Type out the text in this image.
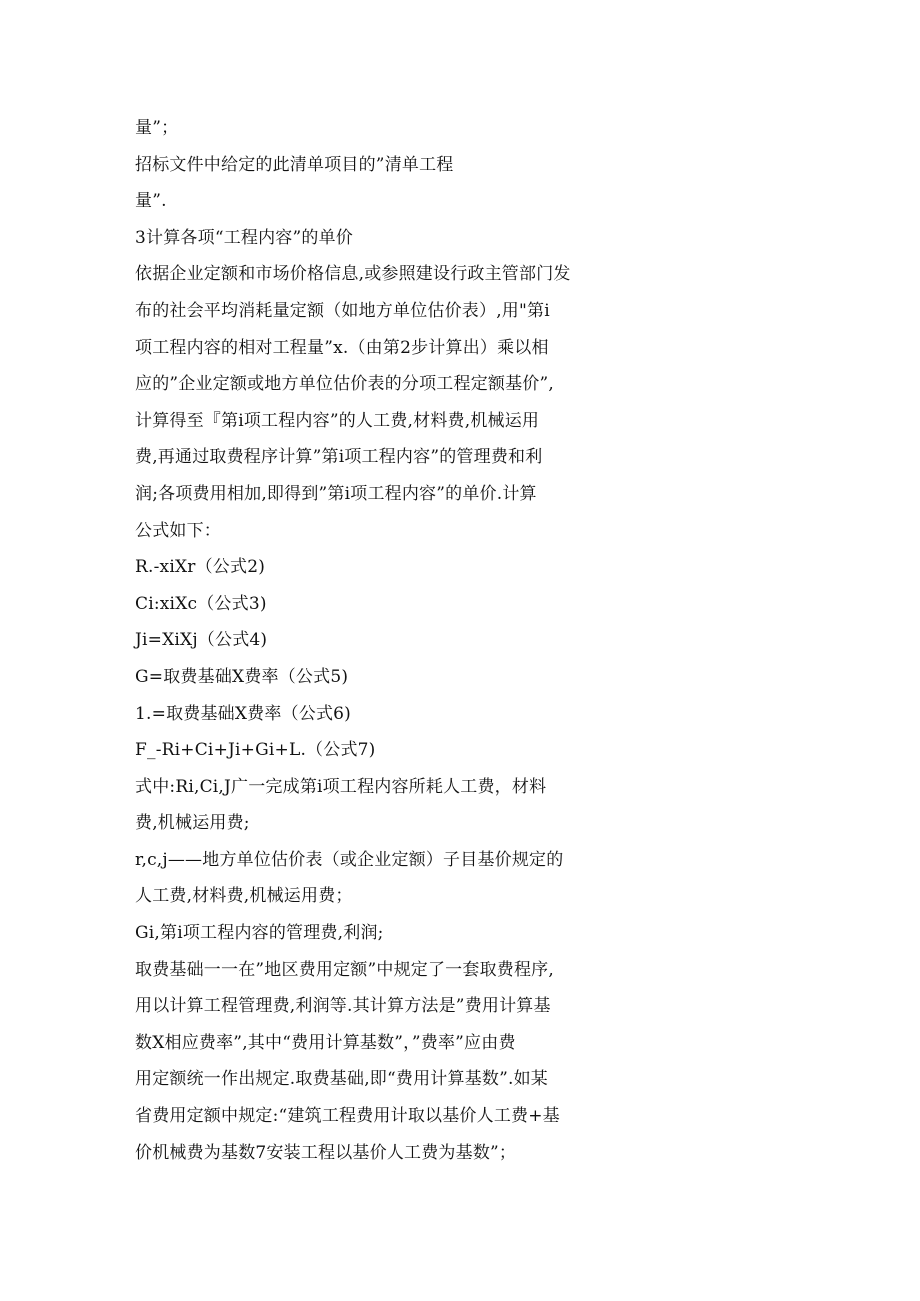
量”；
招标文件中给定的此清单项目的”清单工程
量”.
3计算各项“工程内容”的单价
依据企业定额和市场价格信息,或参照建设行政主管部门发
布的社会平均消耗量定额（如地方单位估价表）,用"第i
项工程内容的相对工程量”x.（由第2步计算出）乘以相
应的”企业定额或地方单位估价表的分项工程定额基价”,
计算得至『第i项工程内容”的人工费,材料费,机械运用
费,再通过取费程序计算”第i项工程内容”的管理费和利
润;各项费用相加,即得到”第i项工程内容”的单价.计算
公式如下：
R.-xiXr（公式2)
Ci:xiXc（公式3)
Ji=XiXj（公式4)
G=取费基础X费率（公式5)
1.=取费基础X费率（公式6)
F_-Ri+Ci+Ji+Gi+L.（公式7)
式中:Ri,Ci,J广一完成第i项工程内容所耗人工费，材料
费,机械运用费;
r,c,j——地方单位估价表（或企业定额）子目基价规定的
人工费,材料费,机械运用费；
Gi,第i项工程内容的管理费,利润;
取费基础一一在”地区费用定额”中规定了一套取费程序,
用以计算工程管理费,利润等.其计算方法是”费用计算基
数X相应费率”,其中“费用计算基数”，”费率”应由费
用定额统一作出规定.取费基础,即“费用计算基数”.如某
省费用定额中规定:“建筑工程费用计取以基价人工费+基
价机械费为基数7安装工程以基价人工费为基数”；
